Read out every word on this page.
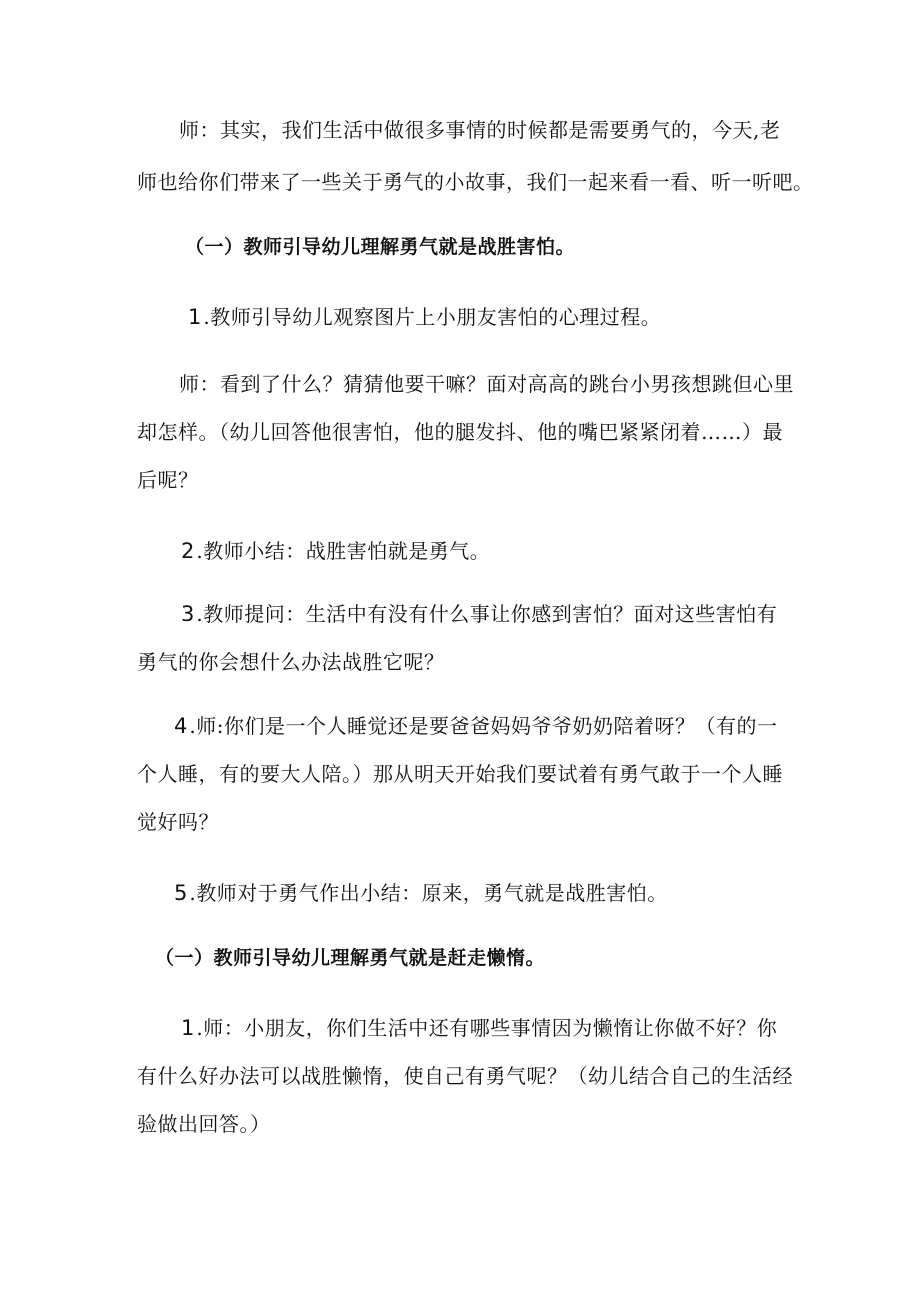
师：其实，我们生活中做很多事情的时候都是需要勇气的，今天,老
师也给你们带来了一些关于勇气的小故事，我们一起来看一看、听一听吧。
（一）教师引导幼儿理解勇气就是战胜害怕。
1.教师引导幼儿观察图片上小朋友害怕的心理过程。
师：看到了什么？猜猜他要干嘛？面对高高的跳台小男孩想跳但心里
却怎样。（幼儿回答他很害怕，他的腿发抖、他的嘴巴紧紧闭着……）最
后呢？
2.教师小结：战胜害怕就是勇气。
3.教师提问：生活中有没有什么事让你感到害怕？面对这些害怕有
勇气的你会想什么办法战胜它呢？
4.师:你们是一个人睡觉还是要爸爸妈妈爷爷奶奶陪着呀？（有的一
个人睡，有的要大人陪。）那从明天开始我们要试着有勇气敢于一个人睡
觉好吗？
5.教师对于勇气作出小结：原来，勇气就是战胜害怕。
（一）教师引导幼儿理解勇气就是赶走懒惰。
1.师：小朋友，你们生活中还有哪些事情因为懒惰让你做不好？你
有什么好办法可以战胜懒惰，使自己有勇气呢？（幼儿结合自己的生活经
验做出回答。）
